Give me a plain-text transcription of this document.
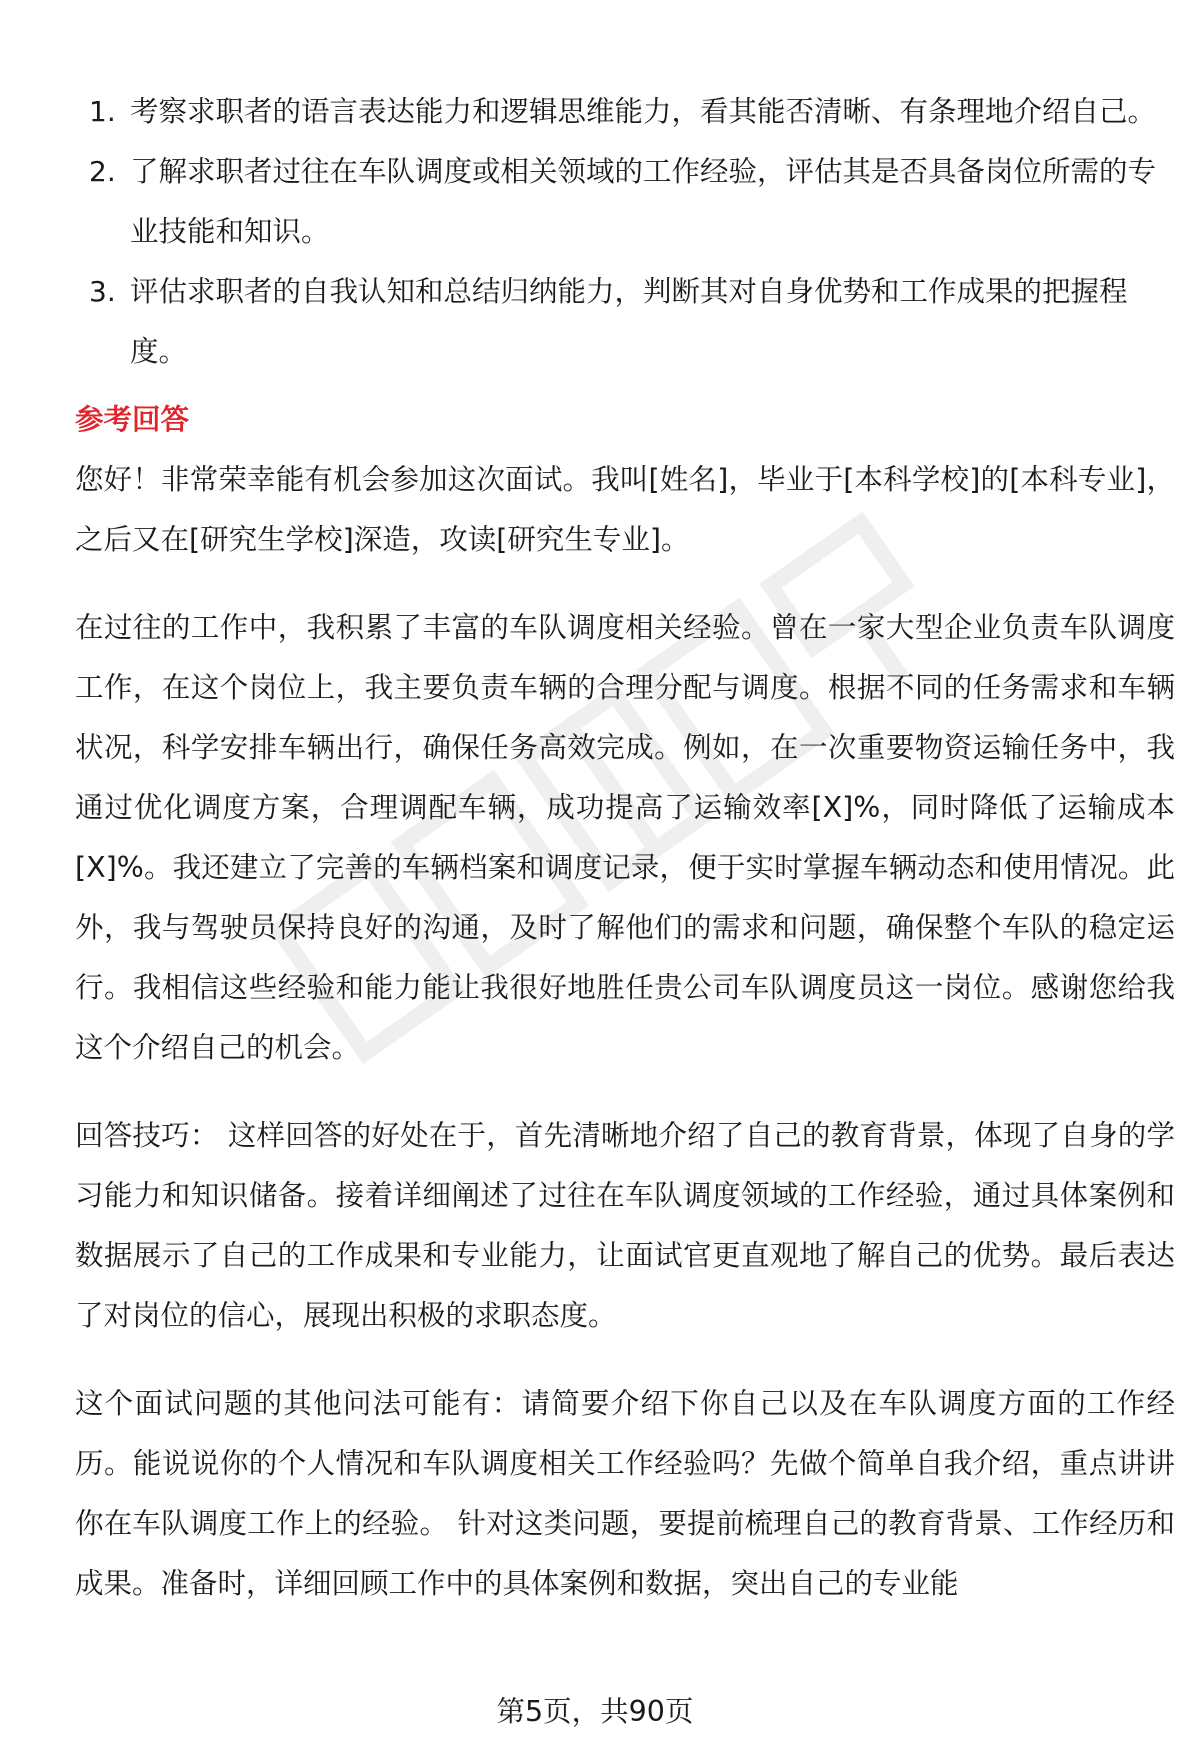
1. 考察求职者的语言表达能力和逻辑思维能力，看其能否清晰、有条理地介绍自己。
2. 了解求职者过往在车队调度或相关领域的工作经验，评估其是否具备岗位所需的专业技能和知识。
3. 评估求职者的自我认知和总结归纳能力，判断其对自身优势和工作成果的把握程度。
参考回答

您好！非常荣幸能有机会参加这次面试。我叫[姓名]，毕业于[本科学校]的[本科专业]，之后又在[研究生学校]深造，攻读[研究生专业]。

在过往的工作中，我积累了丰富的车队调度相关经验。曾在一家大型企业负责车队调度工作，在这个岗位上，我主要负责车辆的合理分配与调度。根据不同的任务需求和车辆状况，科学安排车辆出行，确保任务高效完成。例如，在一次重要物资运输任务中，我通过优化调度方案，合理调配车辆，成功提高了运输效率[X]%，同时降低了运输成本[X]%。我还建立了完善的车辆档案和调度记录，便于实时掌握车辆动态和使用情况。此外，我与驾驶员保持良好的沟通，及时了解他们的需求和问题，确保整个车队的稳定运行。我相信这些经验和能力能让我很好地胜任贵公司车队调度员这一岗位。感谢您给我这个介绍自己的机会。

回答技巧： 这样回答的好处在于，首先清晰地介绍了自己的教育背景，体现了自身的学习能力和知识储备。接着详细阐述了过往在车队调度领域的工作经验，通过具体案例和数据展示了自己的工作成果和专业能力，让面试官更直观地了解自己的优势。最后表达了对岗位的信心，展现出积极的求职态度。

这个面试问题的其他问法可能有：请简要介绍下你自己以及在车队调度方面的工作经历。能说说你的个人情况和车队调度相关工作经验吗？先做个简单自我介绍，重点讲讲你在车队调度工作上的经验。 针对这类问题，要提前梳理自己的教育背景、工作经历和成果。准备时，详细回顾工作中的具体案例和数据，突出自己的专业能

第5页，共90页
